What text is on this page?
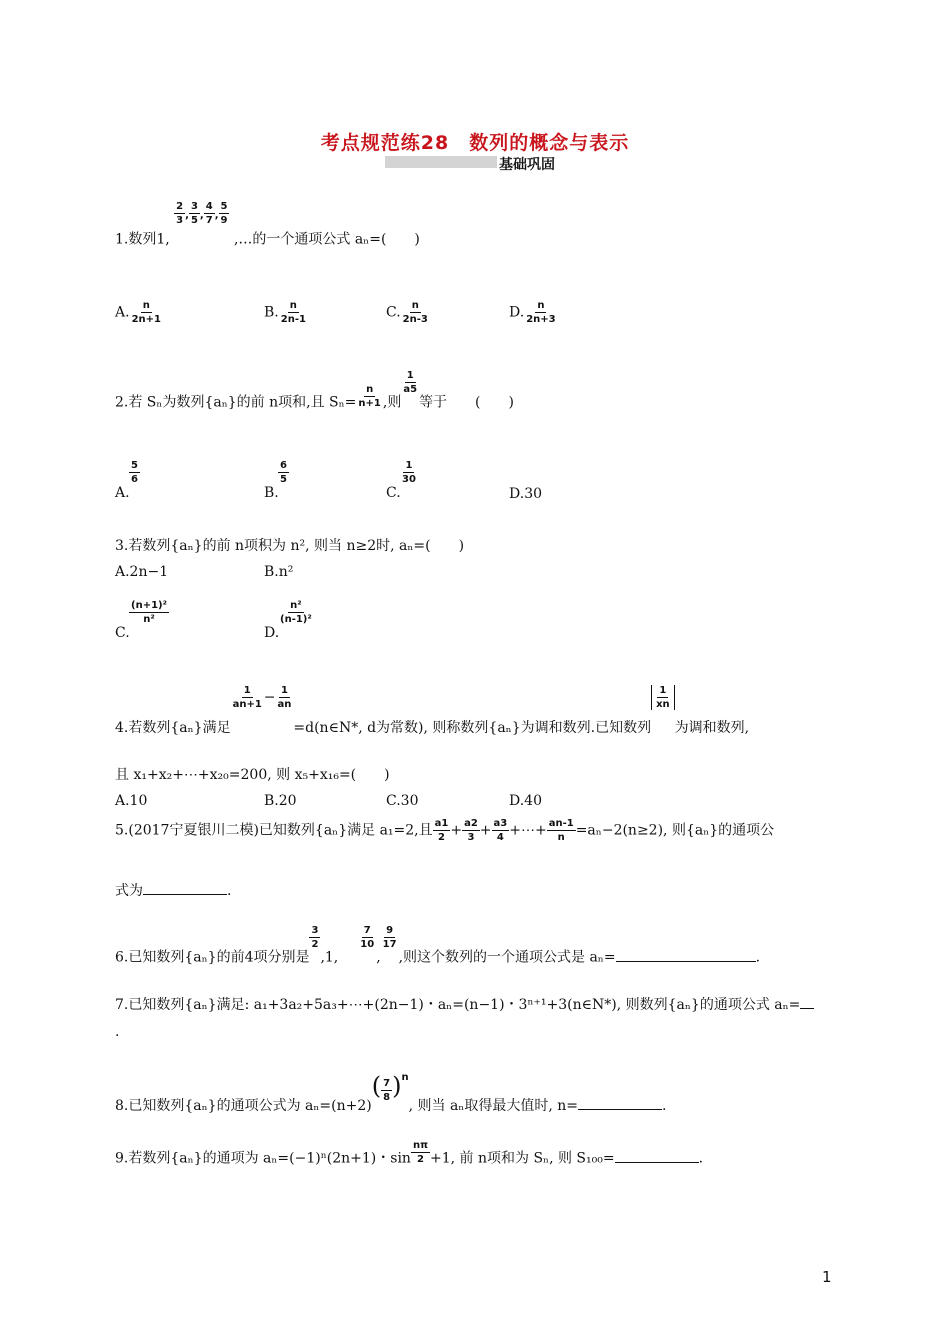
考点规范练28　数列的概念与表示
基础巩固
1.数列1,
$\frac{2}{3}$ , $\frac{3}{5}$ , $\frac{4}{7}$ , $\frac{5}{9}$
,…的一个通项公式 aₙ=(　　)
A. $\frac{n}{2n+1}$	B. $\frac{n}{2n-1}$	C. $\frac{n}{2n-3}$	D. $\frac{n}{2n+3}$
2.若 Sₙ为数列{aₙ}的前 n项和,且 $S_n= \frac{n}{n+1}$ ,则
$\frac{1}{a5}$
等于　　(　　)
$\frac{5}{6}$

A.
$\frac{6}{5}$

B.
$\frac{1}{30}$

C.	D.30
3.若数列{aₙ}的前 n项积为 n², 则当 n≥2时, aₙ=(　　)
A.2n−1	B.n²
$\frac{\text{(n+1)²}}{\text{n²}}$

C.
$\frac{\text{n²}}{\text{(n-1)²}}$

D.
4.若数列{aₙ}满足
$\frac{1}{an+1} - \frac{1}{an}$
=d(n∈N*, d为常数), 则称数列{aₙ}为调和数列.已知数列
$\frac{1}{xn}$
为调和数列,
且 x₁+x₂+⋯+x₂₀=200, 则 x₅+x₁₆=(　　)
A.10	B.20	C.30	D.40
5.(2017宁夏银川二模)已知数列{aₙ}满足 a₁=2,且 $\frac{a1}{2} + \frac{a2}{3} + \frac{a3}{4}$ +⋯+ $\frac{an-1}{n} =a_n-2(n\ge 2)$, 则{aₙ}的通项公
式为	.
6.已知数列{aₙ}的前4项分别是
$\frac{3}{2}$
,1,
$\frac{7}{10}$
,
$\frac{9}{17}$
,则这个数列的一个通项公式是 aₙ=	.
7.已知数列{aₙ}满足: a₁+3a₂+5a₃+⋯+(2n−1)・aₙ=(n−1)・3ⁿ⁺¹+3(n∈N*), 则数列{aₙ}的通项公式 aₙ=
.
8.已知数列{aₙ}的通项公式为 $a_n=(n+2)( \frac{7}{8} )^n$, 则当 aₙ取得最大值时, n=	.
9.若数列{aₙ}的通项为 aₙ=(−1)ⁿ(2n+1)・$\sin \frac{n\pi}{2} +1$, 前 n项和为 Sₙ, 则 S₁₀₀=	.
1
